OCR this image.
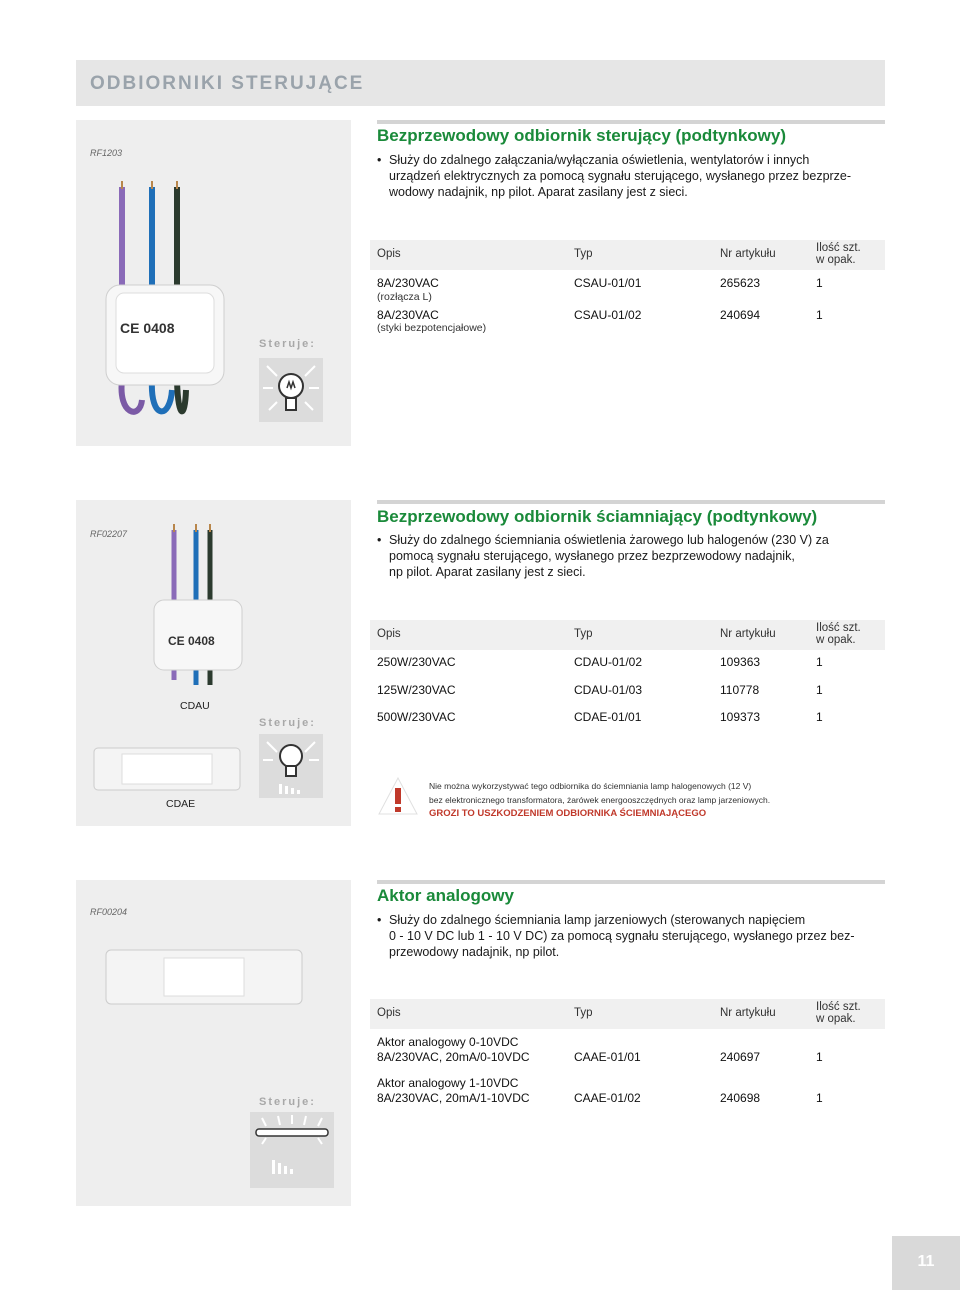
ODBIORNIKI STERUJĄCE
RF1203
CE 0408
Steruje:
Bezprzewodowy odbiornik sterujący (podtynkowy)
• Służy do zdalnego załączania/wyłączania oświetlenia, wentylatorów i innych
urządzeń elektrycznych za pomocą sygnału sterującego, wysłanego przez bezprze-
wodowy nadajnik, np pilot. Aparat zasilany jest z sieci.
Opis	Typ	Nr artykułu	Ilość szt.
w opak.
8A/230VAC
(rozłącza L)
CSAU-01/01	265623	1
8A/230VAC
(styki bezpotencjałowe)
CSAU-01/02	240694	1
RF02207
CE 0408
CDAU
CDAE
Steruje:
Bezprzewodowy odbiornik ściamniający (podtynkowy)
• Służy do zdalnego ściemniania oświetlenia żarowego lub halogenów (230 V) za
pomocą sygnału sterującego, wysłanego przez bezprzewodowy nadajnik,
np pilot. Aparat zasilany jest z sieci.
Opis	Typ	Nr artykułu	Ilość szt.
w opak.
250W/230VAC	CDAU-01/02	109363	1
125W/230VAC	CDAU-01/03	110778	1
500W/230VAC	CDAE-01/01	109373	1
Nie można wykorzystywać tego odbiornika do ściemniania lamp halogenowych (12 V)
bez elektronicznego transformatora, żarówek energooszczędnych oraz lamp jarzeniowych.
GROZI TO USZKODZENIEM ODBIORNIKA ŚCIEMNIAJĄCEGO
RF00204
Steruje:
Aktor analogowy
• Służy do zdalnego ściemniania lamp jarzeniowych (sterowanych napięciem
0 - 10 V DC lub 1 - 10 V DC) za pomocą sygnału sterującego, wysłanego przez bez-
przewodowy nadajnik, np pilot.
Opis	Typ	Nr artykułu	Ilość szt.
w opak.
Aktor analogowy 0-10VDC
8A/230VAC, 20mA/0-10VDC	CAAE-01/01	240697	1
Aktor analogowy 1-10VDC
8A/230VAC, 20mA/1-10VDC	CAAE-01/02	240698	1
11
